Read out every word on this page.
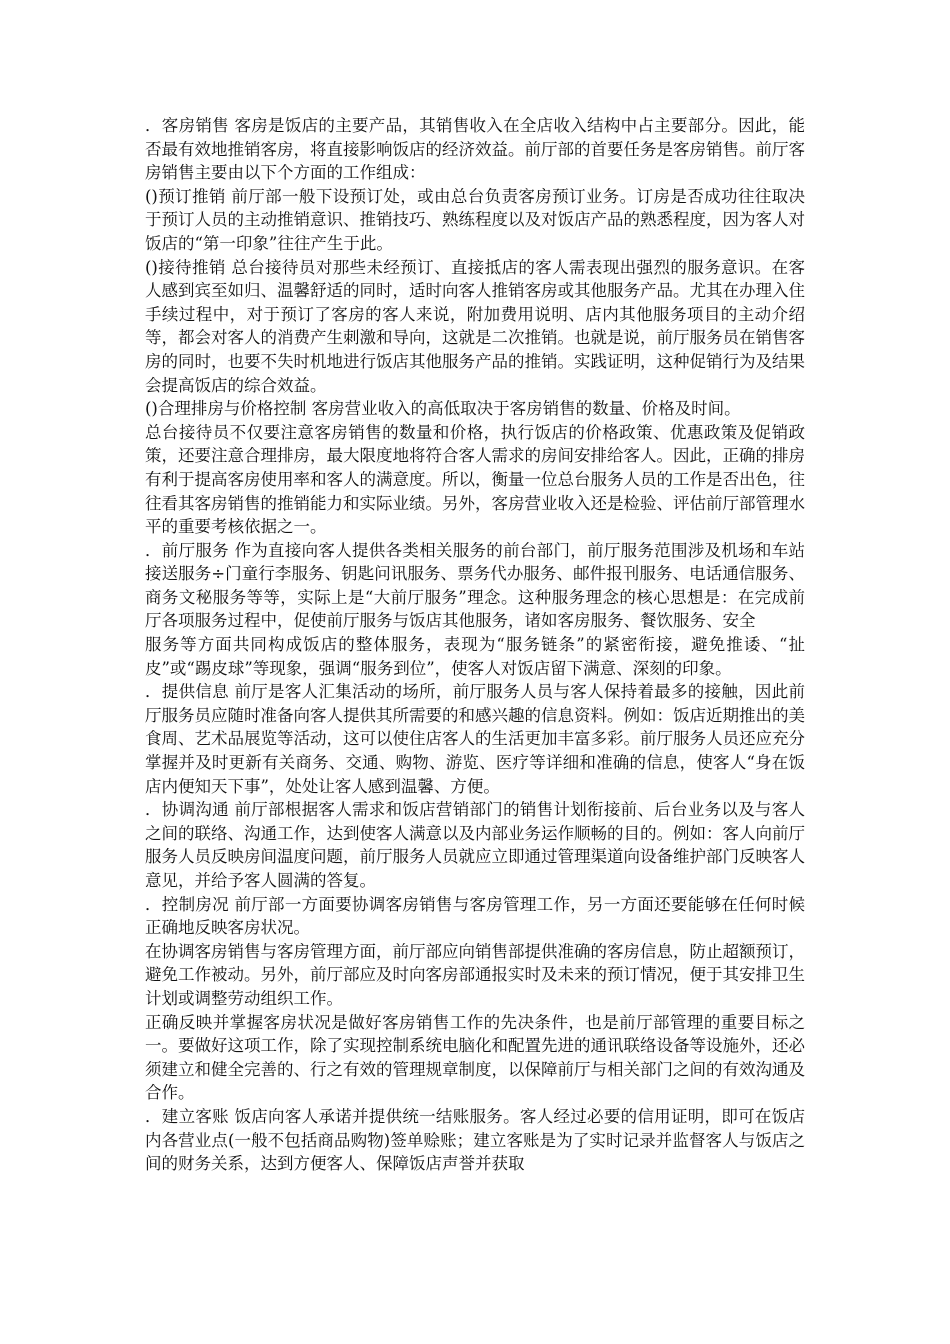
．客房销售 客房是饭店的主要产品，其销售收入在全店收入结构中占主要部分。因此，能否最有效地推销客房，将直接影响饭店的经济效益。前厅部的首要任务是客房销售。前厅客房销售主要由以下个方面的工作组成：

()预订推销 前厅部一般下设预订处，或由总台负责客房预订业务。订房是否成功往往取决于预订人员的主动推销意识、推销技巧、熟练程度以及对饭店产品的熟悉程度，因为客人对饭店的“第一印象”往往产生于此。

()接待推销 总台接待员对那些未经预订、直接抵店的客人需表现出强烈的服务意识。在客人感到宾至如归、温馨舒适的同时，适时向客人推销客房或其他服务产品。尤其在办理入住手续过程中，对于预订了客房的客人来说，附加费用说明、店内其他服务项目的主动介绍等，都会对客人的消费产生刺激和导向，这就是二次推销。也就是说，前厅服务员在销售客房的同时，也要不失时机地进行饭店其他服务产品的推销。实践证明，这种促销行为及结果会提高饭店的综合效益。

()合理排房与价格控制 客房营业收入的高低取决于客房销售的数量、价格及时间。

总台接待员不仅要注意客房销售的数量和价格，执行饭店的价格政策、优惠政策及促销政策，还要注意合理排房，最大限度地将符合客人需求的房间安排给客人。因此，正确的排房有利于提高客房使用率和客人的满意度。所以，衡量一位总台服务人员的工作是否出色，往往看其客房销售的推销能力和实际业绩。另外，客房营业收入还是检验、评估前厅部管理水平的重要考核依据之一。

．前厅服务 作为直接向客人提供各类相关服务的前台部门，前厅服务范围涉及机场和车站接送服务÷门童行李服务、钥匙问讯服务、票务代办服务、邮件报刊服务、电话通信服务、商务文秘服务等等，实际上是“大前厅服务”理念。这种服务理念的核心思想是：在完成前厅各项服务过程中，促使前厅服务与饭店其他服务，诸如客房服务、餐饮服务、安全

服务等方面共同构成饭店的整体服务，表现为“服务链条”的紧密衔接，避免推诿、“扯皮”或“踢皮球”等现象，强调“服务到位”，使客人对饭店留下满意、深刻的印象。

．提供信息 前厅是客人汇集活动的场所，前厅服务人员与客人保持着最多的接触，因此前厅服务员应随时准备向客人提供其所需要的和感兴趣的信息资料。例如：饭店近期推出的美食周、艺术品展览等活动，这可以使住店客人的生活更加丰富多彩。前厅服务人员还应充分掌握并及时更新有关商务、交通、购物、游览、医疗等详细和准确的信息，使客人“身在饭店内便知天下事”，处处让客人感到温馨、方便。

．协调沟通 前厅部根据客人需求和饭店营销部门的销售计划衔接前、后台业务以及与客人之间的联络、沟通工作，达到使客人满意以及内部业务运作顺畅的目的。例如：客人向前厅服务人员反映房间温度问题，前厅服务人员就应立即通过管理渠道向设备维护部门反映客人意见，并给予客人圆满的答复。

．控制房况 前厅部一方面要协调客房销售与客房管理工作，另一方面还要能够在任何时候正确地反映客房状况。

在协调客房销售与客房管理方面，前厅部应向销售部提供准确的客房信息，防止超额预订，避免工作被动。另外，前厅部应及时向客房部通报实时及未来的预订情况，便于其安排卫生计划或调整劳动组织工作。

正确反映并掌握客房状况是做好客房销售工作的先决条件，也是前厅部管理的重要目标之一。要做好这项工作，除了实现控制系统电脑化和配置先进的通讯联络设备等设施外，还必须建立和健全完善的、行之有效的管理规章制度，以保障前厅与相关部门之间的有效沟通及合作。

．建立客账 饭店向客人承诺并提供统一结账服务。客人经过必要的信用证明，即可在饭店内各营业点(一般不包括商品购物)签单赊账；建立客账是为了实时记录并监督客人与饭店之间的财务关系，达到方便客人、保障饭店声誉并获取
